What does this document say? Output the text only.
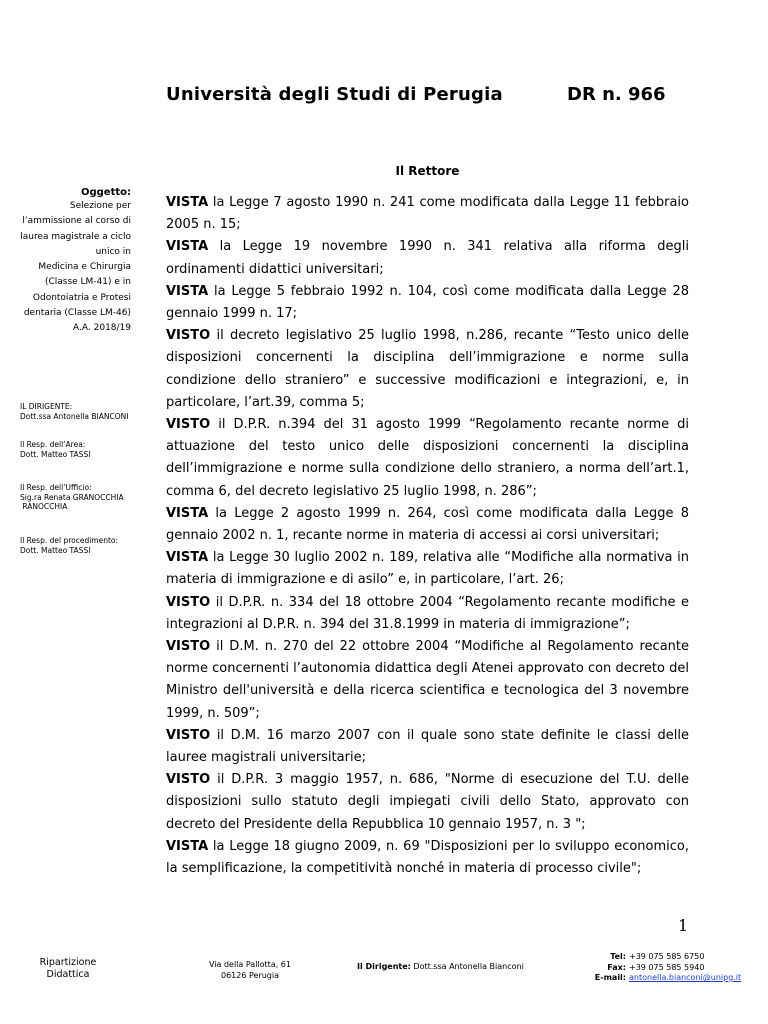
Università degli Studi di Perugia	DR n. 966
Il Rettore
Oggetto:
Selezione per
l’ammissione al corso di
laurea magistrale a ciclo
unico in
Medicina e Chirurgia
(Classe LM-41) e in
Odontoiatria e Protesi
dentaria (Classe LM-46)
A.A. 2018/19
IL DIRIGENTE:
Dott.ssa Antonella BIANCONI
Il Resp. dell’Area:
Dott. Matteo TASSI
Il Resp. dell’Ufficio:
Sig.ra Renata GRANOCCHIA
RANOCCHIA
Il Resp. del procedimento:
Dott. Matteo TASSI

VISTA la Legge 7 agosto 1990 n. 241 come modificata dalla Legge 11 febbraio 2005 n. 15;

VISTA la Legge 19 novembre 1990 n. 341 relativa alla riforma degli ordinamenti didattici universitari;

VISTA la Legge 5 febbraio 1992 n. 104, così come modificata dalla Legge 28 gennaio 1999 n. 17;

VISTO il decreto legislativo 25 luglio 1998, n.286, recante “Testo unico delle disposizioni concernenti la disciplina dell’immigrazione e norme sulla condizione dello straniero” e successive modificazioni e integrazioni, e, in particolare, l’art.39, comma 5;

VISTO il D.P.R. n.394 del 31 agosto 1999 “Regolamento recante norme di attuazione del testo unico delle disposizioni concernenti la disciplina dell’immigrazione e norme sulla condizione dello straniero, a norma dell’art.1, comma 6, del decreto legislativo 25 luglio 1998, n. 286”;

VISTA la Legge 2 agosto 1999 n. 264, così come modificata dalla Legge 8 gennaio 2002 n. 1, recante norme in materia di accessi ai corsi universitari;

VISTA la Legge 30 luglio 2002 n. 189, relativa alle “Modifiche alla normativa in materia di immigrazione e di asilo” e, in particolare, l’art. 26;

VISTO il D.P.R. n. 334 del 18 ottobre 2004 “Regolamento recante modifiche e integrazioni al D.P.R. n. 394 del 31.8.1999 in materia di immigrazione”;

VISTO il D.M. n. 270 del 22 ottobre 2004 “Modifiche al Regolamento recante norme concernenti l’autonomia didattica degli Atenei approvato con decreto del Ministro dell'università e della ricerca scientifica e tecnologica del 3 novembre 1999, n. 509”;

VISTO il D.M. 16 marzo 2007 con il quale sono state definite le classi delle lauree magistrali universitarie;

VISTO il D.P.R. 3 maggio 1957, n. 686, "Norme di esecuzione del T.U. delle disposizioni sullo statuto degli impiegati civili dello Stato, approvato con decreto del Presidente della Repubblica 10 gennaio 1957, n. 3 ";

VISTA la Legge 18 giugno 2009, n. 69 "Disposizioni per lo sviluppo economico, la semplificazione, la competitività nonché in materia di processo civile";

1
Ripartizione
Didattica
Via della Pallotta, 61
06126 Perugia
Il Dirigente: Dott.ssa Antonella Bianconi
Tel:
Fax:
E-mail:
+39 075 585 6750
+39 075 585 5940
antonella.bianconi@unipg.it
